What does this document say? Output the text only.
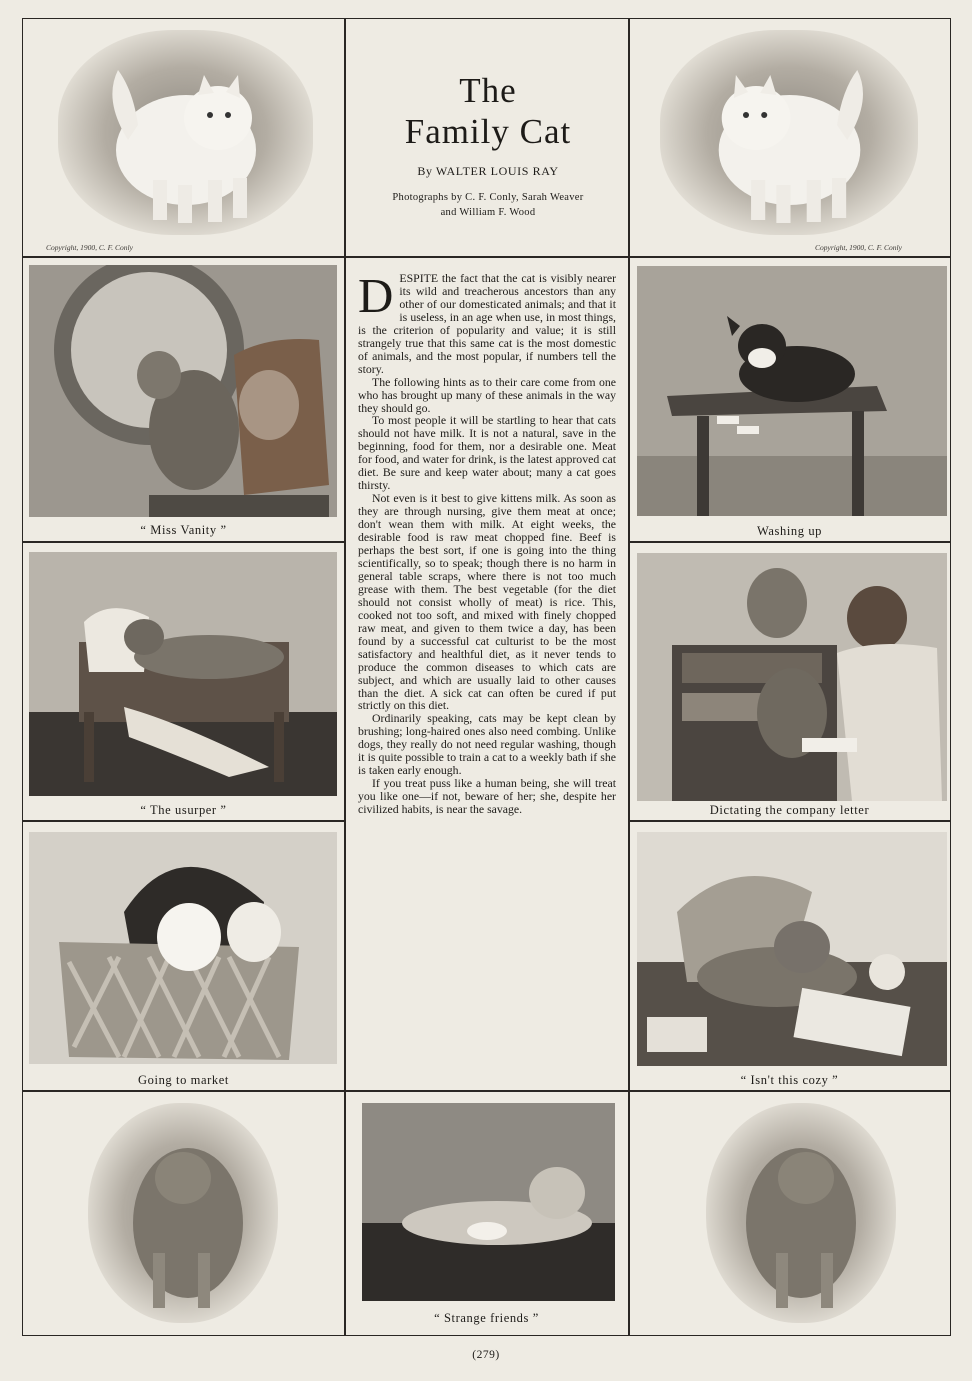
Copyright, 1900, C. F. Conly	Copyright, 1900, C. F. Conly
The
Family Cat
By WALTER LOUIS RAY
Photographs by C. F. Conly, Sarah Weaver
and William F. Wood

DESPITE the fact that the cat is visibly nearer its wild and treacherous ancestors than any other of our domesticated animals; and that it is useless, in an age when use, in most things, is the criterion of popularity and value; it is still strangely true that this same cat is the most domestic of animals, and the most popular, if numbers tell the story.

The following hints as to their care come from one who has brought up many of these animals in the way they should go.

To most people it will be startling to hear that cats should not have milk. It is not a natural, save in the beginning, food for them, nor a desirable one. Meat for food, and water for drink, is the latest approved cat diet. Be sure and keep water about; many a cat goes thirsty.

Not even is it best to give kittens milk. As soon as they are through nursing, give them meat at once; don't wean them with milk. At eight weeks, the desirable food is raw meat chopped fine. Beef is perhaps the best sort, if one is going into the thing scientifically, so to speak; though there is no harm in general table scraps, where there is not too much grease with them. The best vegetable (for the diet should not consist wholly of meat) is rice. This, cooked not too soft, and mixed with finely chopped raw meat, and given to them twice a day, has been found by a successful cat culturist to be the most satisfactory and healthful diet, as it never tends to produce the common diseases to which cats are subject, and which are usually laid to other causes than the diet. A sick cat can often be cured if put strictly on this diet.

Ordinarily speaking, cats may be kept clean by brushing; long-haired ones also need combing. Unlike dogs, they really do not need regular washing, though it is quite possible to train a cat to a weekly bath if she is taken early enough.

If you treat puss like a human being, she will treat you like one—if not, beware of her; she, despite her civilized habits, is near the savage.

“ Miss Vanity ”	Washing up
“ The usurper ”	Dictating the company letter
Going to market	“ Isn't this cozy ”
“ Strange friends ”
(279)
